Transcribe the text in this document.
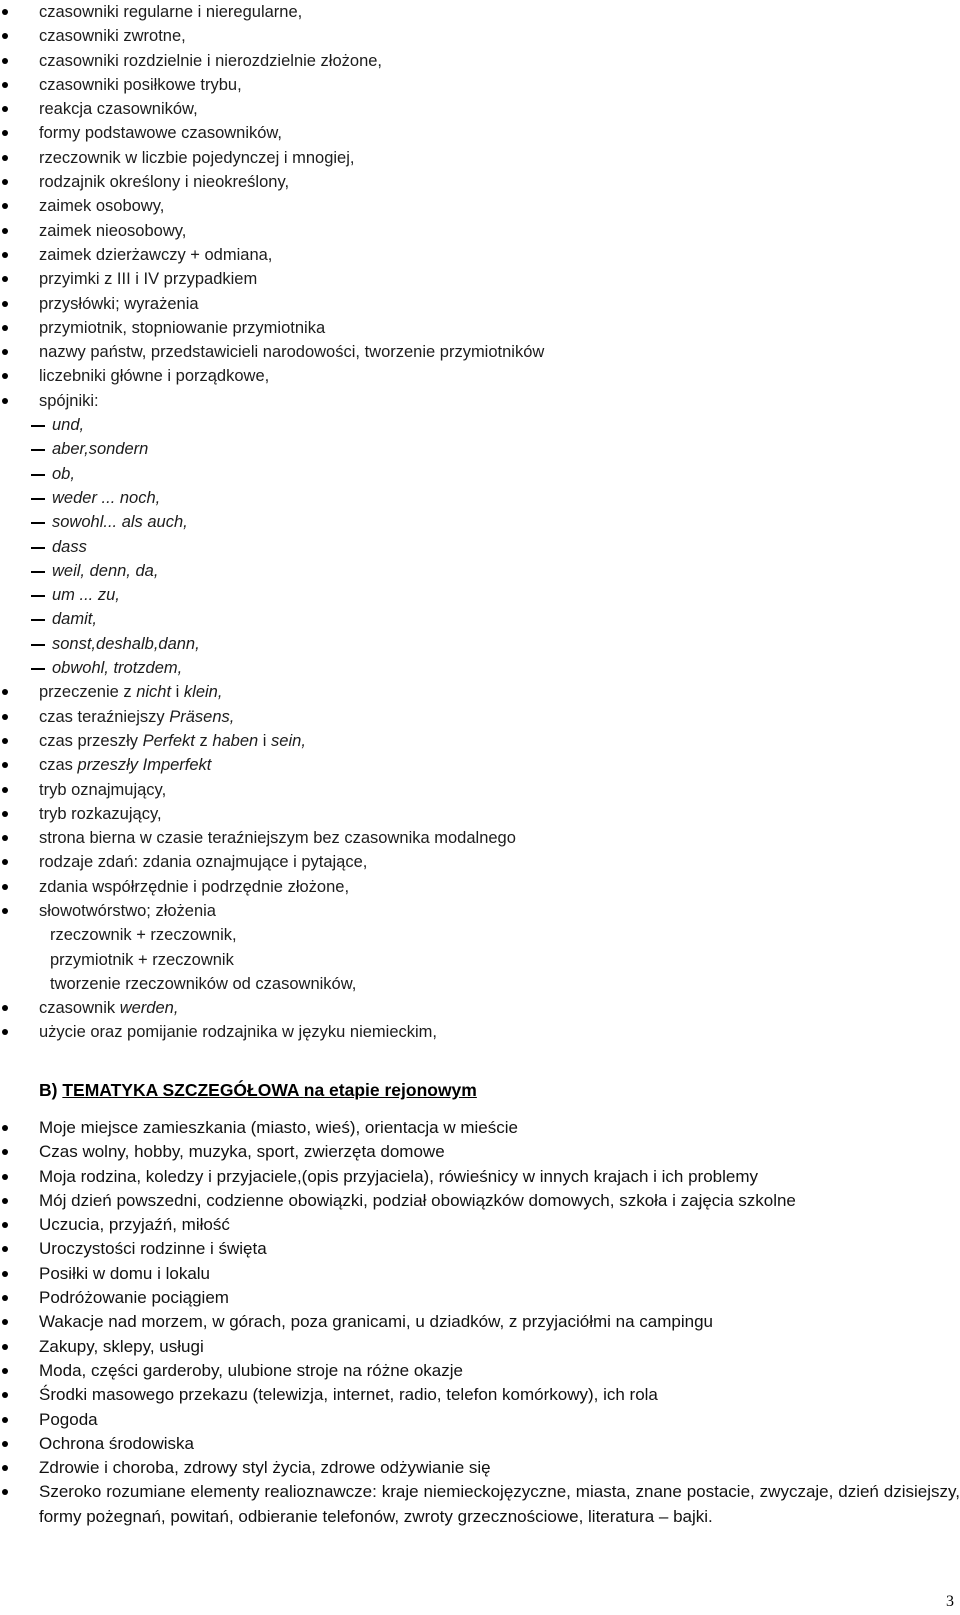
czasowniki regularne i nieregularne,
czasowniki zwrotne,
czasowniki rozdzielnie i nierozdzielnie złożone,
czasowniki posiłkowe trybu,
reakcja czasowników,
formy podstawowe czasowników,
rzeczownik w liczbie pojedynczej i mnogiej,
rodzajnik określony i nieokreślony,
zaimek osobowy,
zaimek nieosobowy,
zaimek dzierżawczy + odmiana,
przyimki z III i IV przypadkiem
przysłówki; wyrażenia
przymiotnik, stopniowanie przymiotnika
nazwy państw, przedstawicieli narodowości, tworzenie przymiotników
liczebniki główne i porządkowe,
spójniki:
und,
aber,sondern
ob,
weder ... noch,
sowohl... als auch,
dass
weil, denn, da,
um ... zu,
damit,
sonst,deshalb,dann,
obwohl, trotzdem,
przeczenie z nicht i klein,
czas teraźniejszy Präsens,
czas przeszły Perfekt z haben i sein,
czas przeszły Imperfekt
tryb oznajmujący,
tryb rozkazujący,
strona bierna w czasie teraźniejszym bez czasownika modalnego
rodzaje zdań: zdania oznajmujące i pytające,
zdania współrzędnie i podrzędnie złożone,
słowotwórstwo; złożenia
rzeczownik + rzeczownik,
przymiotnik + rzeczownik
tworzenie rzeczowników od czasowników,
czasownik werden,
użycie oraz pomijanie rodzajnika w języku niemieckim,
B) TEMATYKA SZCZEGÓŁOWA na etapie rejonowym
Moje miejsce zamieszkania (miasto, wieś), orientacja w mieście
Czas wolny, hobby, muzyka, sport, zwierzęta domowe
Moja rodzina, koledzy i przyjaciele,(opis przyjaciela), rówieśnicy w innych krajach i ich problemy
Mój dzień powszedni, codzienne obowiązki, podział obowiązków domowych, szkoła i zajęcia szkolne
Uczucia, przyjaźń, miłość
Uroczystości rodzinne i święta
Posiłki w domu i lokalu
Podróżowanie pociągiem
Wakacje nad morzem, w górach, poza granicami, u dziadków, z przyjaciółmi na campingu
Zakupy, sklepy, usługi
Moda, części garderoby, ulubione stroje na różne okazje
Środki masowego przekazu (telewizja, internet, radio, telefon komórkowy), ich rola
Pogoda
Ochrona środowiska
Zdrowie i choroba, zdrowy styl życia, zdrowe odżywianie się
Szeroko rozumiane elementy realioznawcze: kraje niemieckojęzyczne, miasta, znane postacie, zwyczaje, dzień dzisiejszy, formy pożegnań, powitań, odbieranie telefonów, zwroty grzecznościowe, literatura – bajki.
3
